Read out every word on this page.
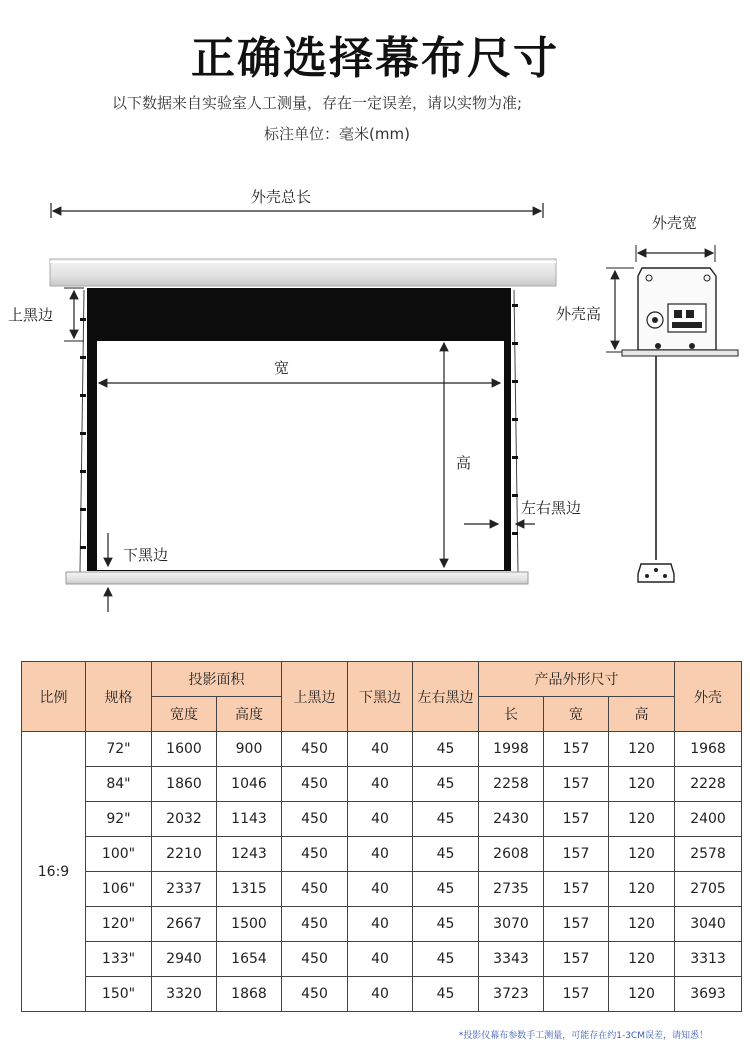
正确选择幕布尺寸
以下数据来自实验室人工测量，存在一定误差，请以实物为准;
标注单位：毫米(mm)
外壳总长
上黑边
宽
高
左右黑边
下黑边
外壳宽
外壳高
比例	规格	投影面积		上黑边	下黑边	左右黑边	产品外形尺寸			外壳
		宽度	高度				长	宽	高	
16:9	72"	1600	900	450	40	45	1998	157	120	1968
	84"	1860	1046	450	40	45	2258	157	120	2228
	92"	2032	1143	450	40	45	2430	157	120	2400
	100"	2210	1243	450	40	45	2608	157	120	2578
	106"	2337	1315	450	40	45	2735	157	120	2705
	120"	2667	1500	450	40	45	3070	157	120	3040
	133"	2940	1654	450	40	45	3343	157	120	3313
	150"	3320	1868	450	40	45	3723	157	120	3693
*投影仪幕布参数手工测量，可能存在约1-3CM误差，请知悉！
